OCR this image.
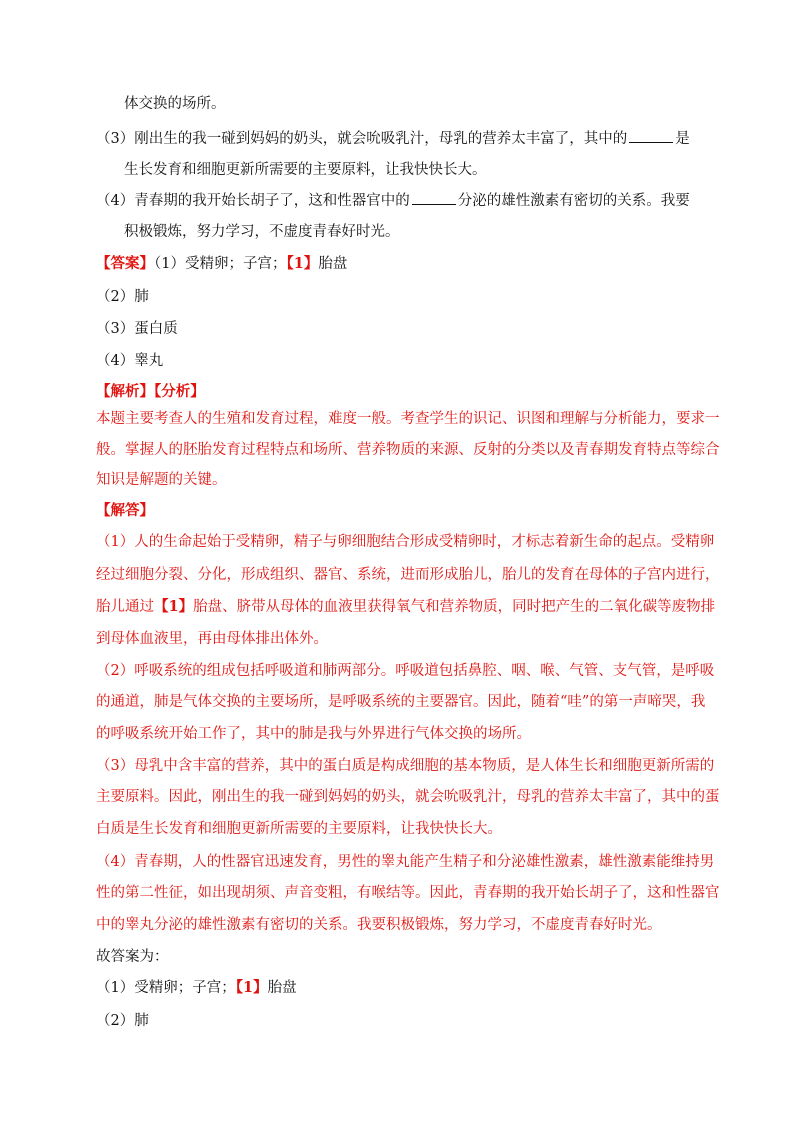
体交换的场所。
（3）刚出生的我一碰到妈妈的奶头，就会吮吸乳汁，母乳的营养太丰富了，其中的	是
生长发育和细胞更新所需要的主要原料，让我快快长大。
（4）青春期的我开始长胡子了，这和性器官中的	分泌的雄性激素有密切的关系。我要
积极锻炼，努力学习，不虚度青春好时光。
【答案】（1）受精卵；子宫；【1】胎盘
（2）肺
（3）蛋白质
（4）睾丸
【解析】【分析】
本题主要考查人的生殖和发育过程，难度一般。考查学生的识记、识图和理解与分析能力，要求一
般。掌握人的胚胎发育过程特点和场所、营养物质的来源、反射的分类以及青春期发育特点等综合
知识是解题的关键。
【解答】
（1）人的生命起始于受精卵，精子与卵细胞结合形成受精卵时，才标志着新生命的起点。受精卵
经过细胞分裂、分化，形成组织、器官、系统，进而形成胎儿，胎儿的发育在母体的子宫内进行，
胎儿通过【1】胎盘、脐带从母体的血液里获得氧气和营养物质，同时把产生的二氧化碳等废物排
到母体血液里，再由母体排出体外。
（2）呼吸系统的组成包括呼吸道和肺两部分。呼吸道包括鼻腔、咽、喉、气管、支气管，是呼吸
的通道，肺是气体交换的主要场所，是呼吸系统的主要器官。因此，随着“哇”的第一声啼哭，我
的呼吸系统开始工作了，其中的肺是我与外界进行气体交换的场所。
（3）母乳中含丰富的营养，其中的蛋白质是构成细胞的基本物质，是人体生长和细胞更新所需的
主要原料。因此，刚出生的我一碰到妈妈的奶头，就会吮吸乳汁，母乳的营养太丰富了，其中的蛋
白质是生长发育和细胞更新所需要的主要原料，让我快快长大。
（4）青春期，人的性器官迅速发育，男性的睾丸能产生精子和分泌雄性激素，雄性激素能维持男
性的第二性征，如出现胡须、声音变粗，有喉结等。因此，青春期的我开始长胡子了，这和性器官
中的睾丸分泌的雄性激素有密切的关系。我要积极锻炼，努力学习，不虚度青春好时光。
故答案为：
（1）受精卵；子宫；【1】胎盘
（2）肺
